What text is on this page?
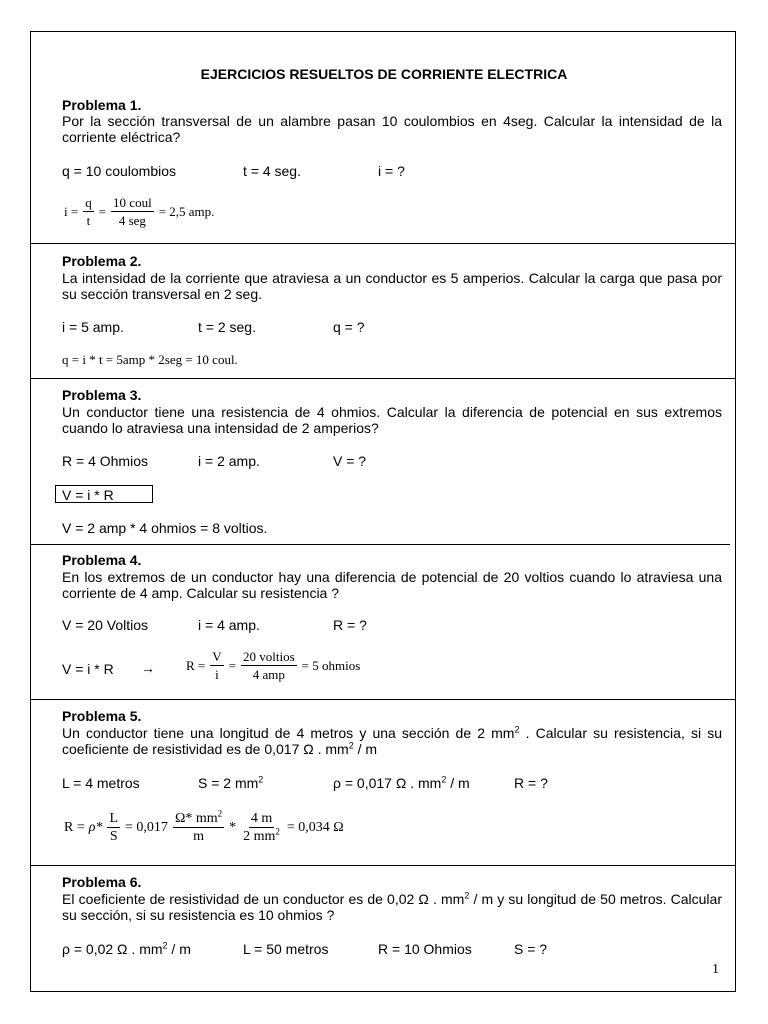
EJERCICIOS RESUELTOS DE CORRIENTE ELECTRICA
Problema 1.
Por la sección transversal de un alambre pasan 10 coulombios en 4seg. Calcular la intensidad de la corriente eléctrica?
q = 10 coulombios	t = 4 seg.	i = ?
$i = \frac{q}{t} = \frac{\text{10 coul}}{\text{4 seg}} = 2,5$ amp.
Problema 2.
La intensidad de la corriente que atraviesa a un conductor es 5 amperios. Calcular la carga que pasa por su sección transversal en 2 seg.
i = 5 amp.	t = 2 seg.	q = ?
q = i * t = 5amp * 2seg = 10 coul.
Problema 3.
Un conductor tiene una resistencia de 4 ohmios. Calcular la diferencia de potencial en sus extremos cuando lo atraviesa una intensidad de 2 amperios?
R = 4 Ohmios	i = 2 amp.	V = ?
V = i * R
V = 2 amp * 4 ohmios = 8 voltios.
Problema 4.
En los extremos de un conductor hay una diferencia de potencial de 20 voltios cuando lo atraviesa una corriente de 4 amp. Calcular su resistencia ?
V = 20 Voltios	i = 4 amp.	R = ?
$V = i * R \to R = \frac{V}{i} = \frac{\text{20 voltios}}{\text{4 amp}} = 5$ ohmios
Problema 5.
Un conductor tiene una longitud de 4 metros y una sección de 2 $mm^2$ . Calcular su resistencia, si su coeficiente de resistividad es de 0,017 Ω . $mm^2$ / m
L = 4 metros	S = 2 $mm^2$	ρ = 0,017 Ω . $mm^2$ / m	R = ?
$R = \rho* \frac{L}{S} = 0,017 \frac{\Omega* mm^2}{m} * \frac{4 m}{2 mm^2} = 0,034$ Ω
Problema 6.
El coeficiente de resistividad de un conductor es de 0,02 Ω . $mm^2$ / m y su longitud de 50 metros. Calcular su sección, si su resistencia es 10 ohmios ?
ρ = 0,02 Ω . $mm^2$ / m	L = 50 metros	R = 10 Ohmios	S = ?
1
